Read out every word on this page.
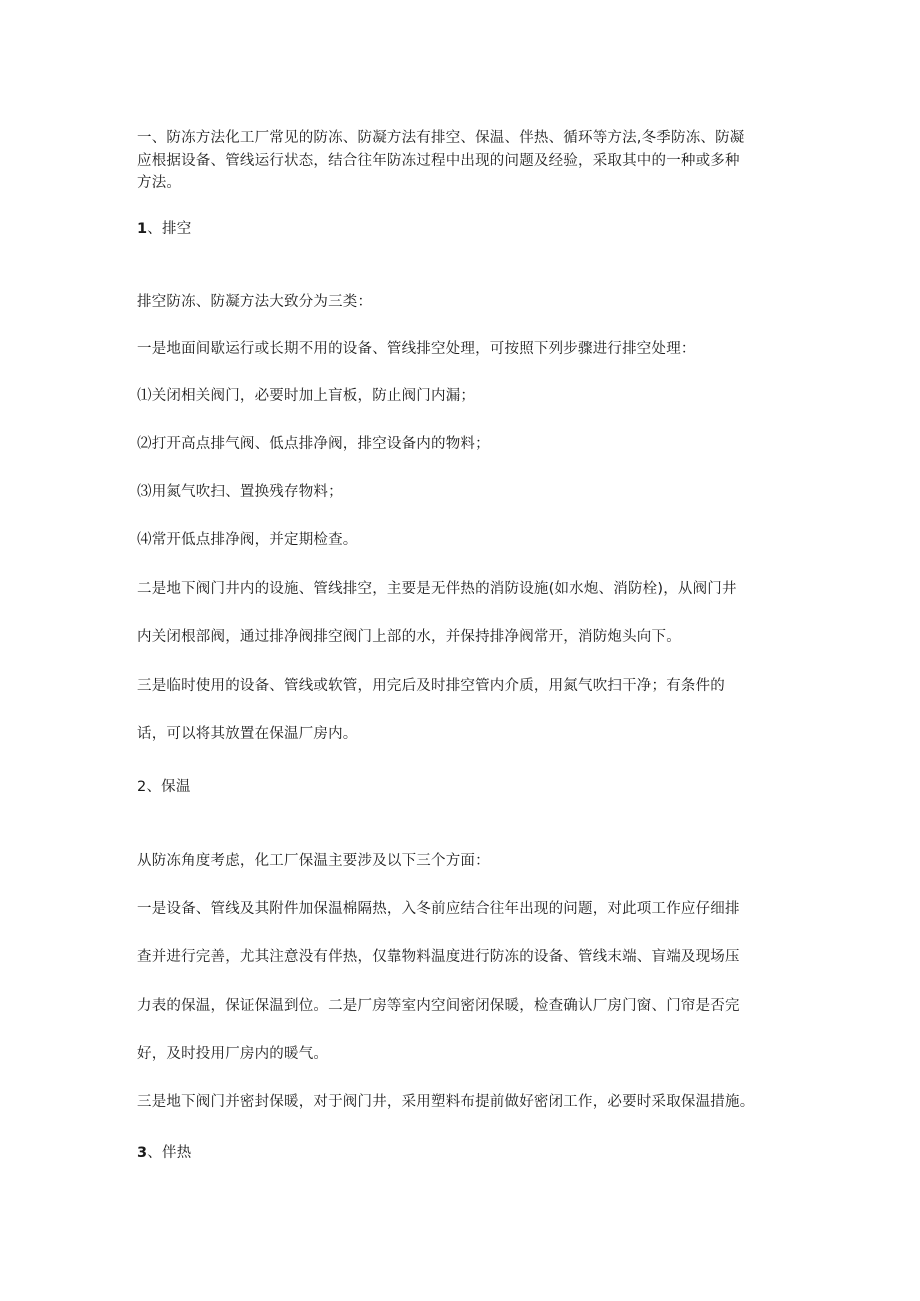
一、防冻方法化工厂常见的防冻、防凝方法有排空、保温、伴热、循环等方法,冬季防冻、防凝
应根据设备、管线运行状态，结合往年防冻过程中出现的问题及经验，采取其中的一种或多种
方法。
1、排空
排空防冻、防凝方法大致分为三类：
一是地面间歇运行或长期不用的设备、管线排空处理，可按照下列步骤进行排空处理：
⑴关闭相关阀门，必要时加上盲板，防止阀门内漏；
⑵打开高点排气阀、低点排净阀，排空设备内的物料；
⑶用氮气吹扫、置换残存物料；
⑷常开低点排净阀，并定期检查。
二是地下阀门井内的设施、管线排空，主要是无伴热的消防设施(如水炮、消防栓)，从阀门井
内关闭根部阀，通过排净阀排空阀门上部的水，并保持排净阀常开，消防炮头向下。
三是临时使用的设备、管线或软管，用完后及时排空管内介质，用氮气吹扫干净；有条件的
话，可以将其放置在保温厂房内。
2、保温
从防冻角度考虑，化工厂保温主要涉及以下三个方面：
一是设备、管线及其附件加保温棉隔热，入冬前应结合往年出现的问题，对此项工作应仔细排
查并进行完善，尤其注意没有伴热，仅靠物料温度进行防冻的设备、管线末端、盲端及现场压
力表的保温，保证保温到位。二是厂房等室内空间密闭保暖，检查确认厂房门窗、门帘是否完
好，及时投用厂房内的暖气。
三是地下阀门并密封保暖，对于阀门井，采用塑料布提前做好密闭工作，必要时采取保温措施。
3、伴热
